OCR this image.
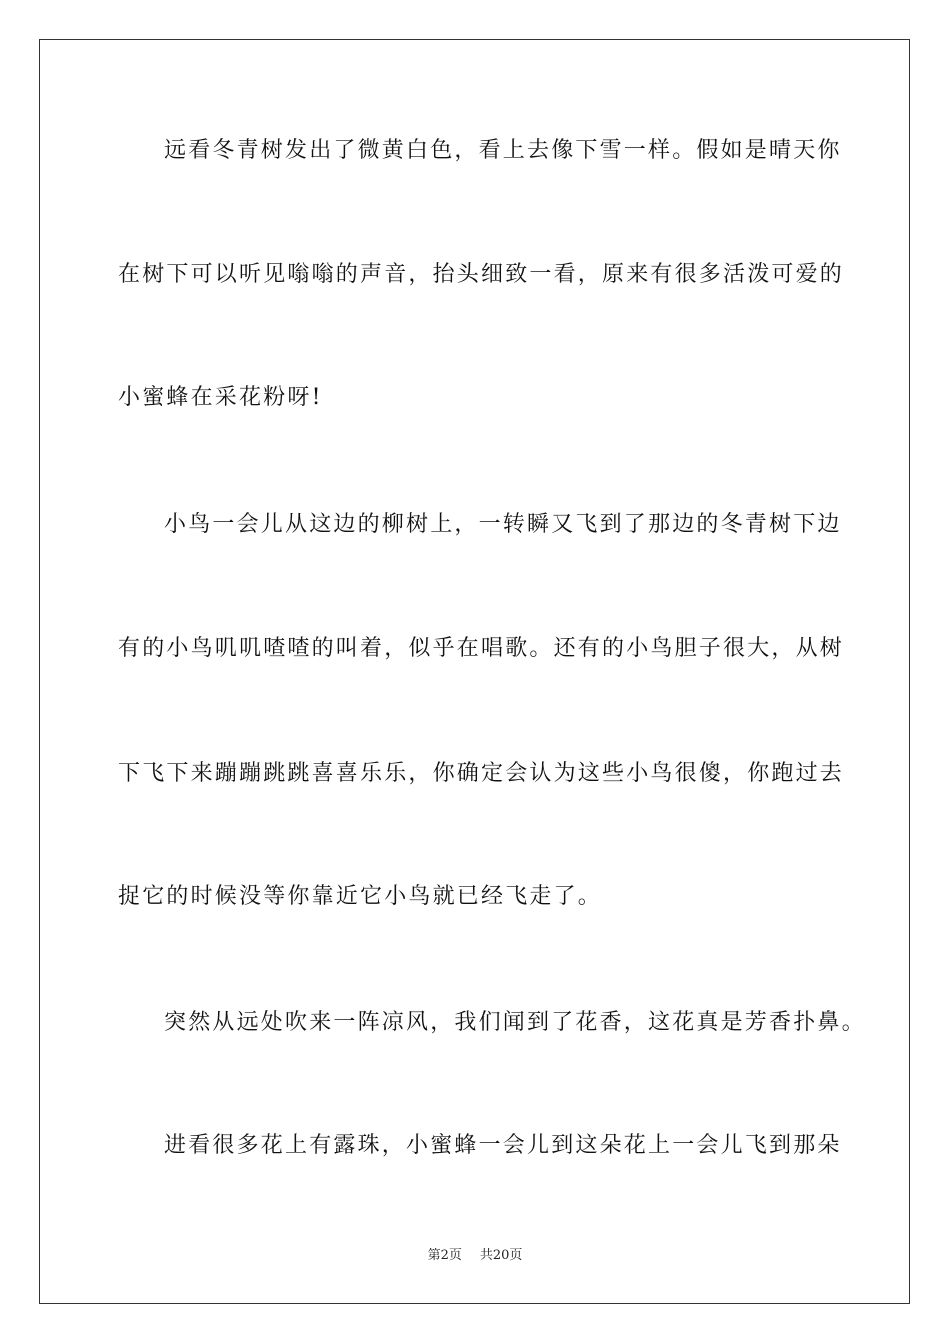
远看冬青树发出了微黄白色，看上去像下雪一样。假如是晴天你
在树下可以听见嗡嗡的声音，抬头细致一看，原来有很多活泼可爱的
小蜜蜂在采花粉呀!
小鸟一会儿从这边的柳树上，一转瞬又飞到了那边的冬青树下边
有的小鸟叽叽喳喳的叫着，似乎在唱歌。还有的小鸟胆子很大，从树
下飞下来蹦蹦跳跳喜喜乐乐，你确定会认为这些小鸟很傻，你跑过去
捉它的时候没等你靠近它小鸟就已经飞走了。
突然从远处吹来一阵凉风，我们闻到了花香，这花真是芳香扑鼻。
进看很多花上有露珠，小蜜蜂一会儿到这朵花上一会儿飞到那朵
第2页 共20页
